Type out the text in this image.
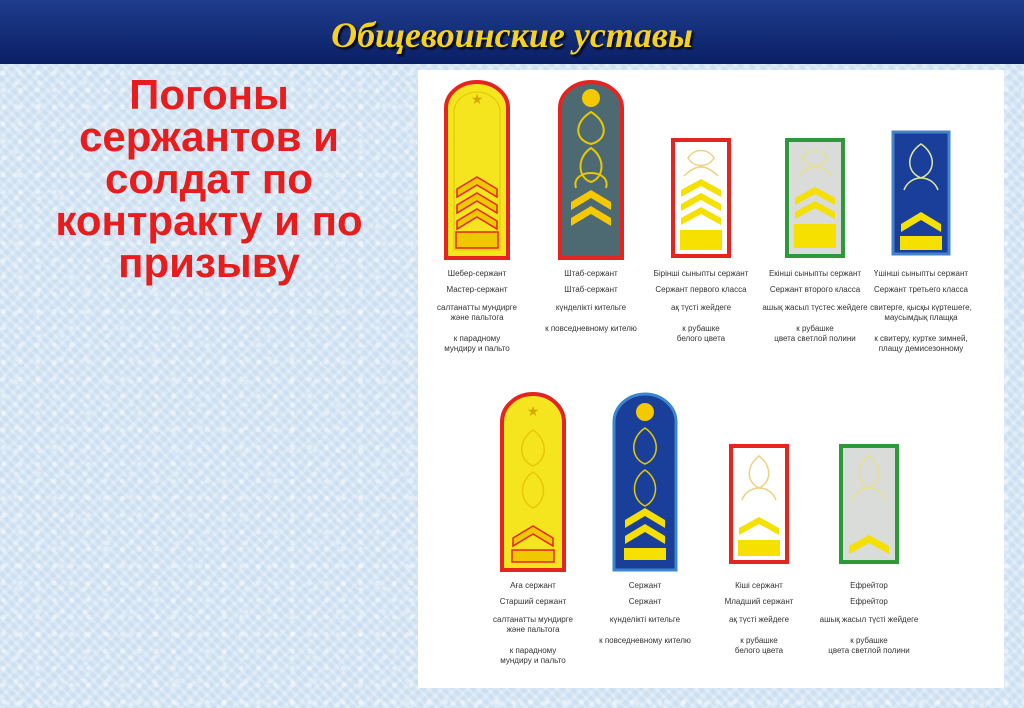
Общевоинские уставы
Погоны сержантов и солдат по контракту и по призыву
★
Шебер-сержант
Мастер-сержант
салтанатты мундирге
және пальтога
к парадному
мундиру и пальто
Штаб-сержант
Штаб-сержант
күнделікті кительге
к повседневному кителю
Бірінші сыныпты сержант
Сержант первого класса
ақ түсті жейдеге
к рубашке
белого цвета
Екінші сыныпты сержант
Сержант второго класса
ашық жасыл түстес жейдеге
к рубашке
цвета светлой полини
Үшінші сыныпты сержант
Сержант третьего класса
свитерге, қысқы күртешеге,
маусымдық плащқа
к свитеру, куртке зимней,
плащу демисезонному
★
Аға сержант
Старший сержант
салтанатты мундирге
және пальтога
к парадному
мундиру и пальто
Сержант
Сержант
күнделікті кительге
к повседневному кителю
Кіші сержант
Младший сержант
ақ түсті жейдеге
к рубашке
белого цвета
Ефрейтор
Ефрейтор
ашық жасыл түсті жейдеге
к рубашке
цвета светлой полини
